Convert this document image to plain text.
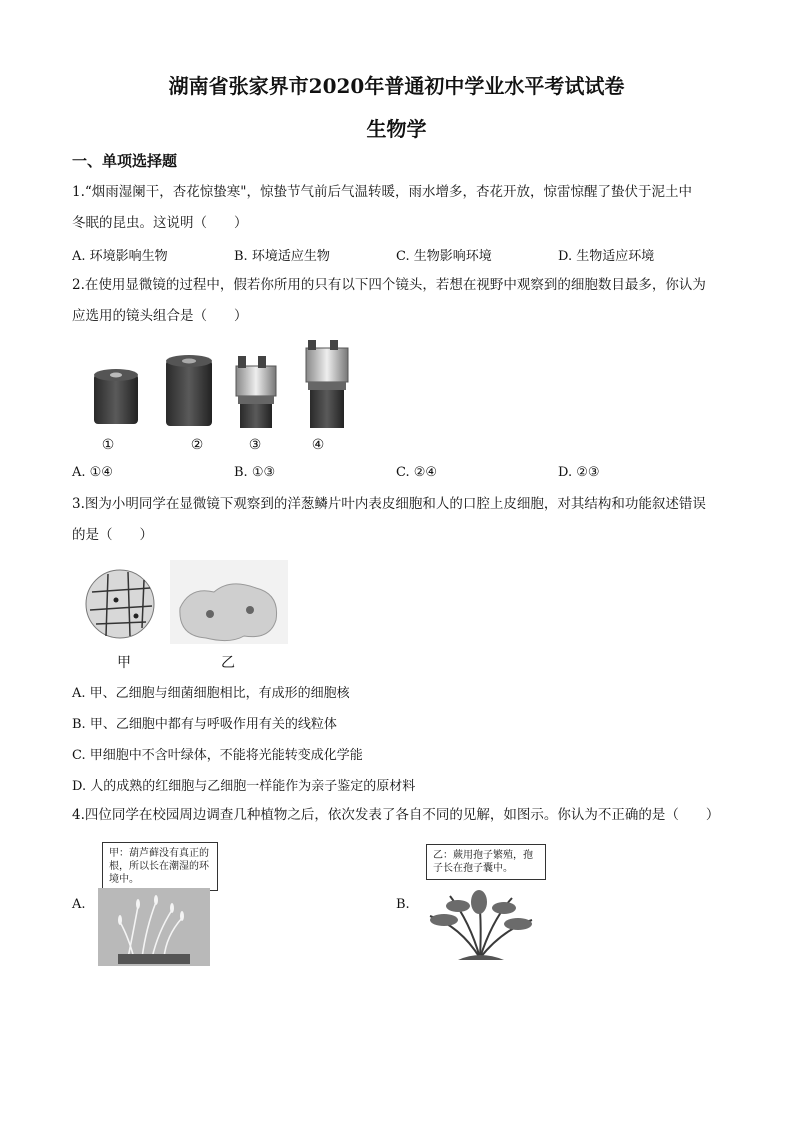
湖南省张家界市2020年普通初中学业水平考试试卷
生物学
一、单项选择题
1.“烟雨湿阑干，杏花惊蛰寒"，惊蛰节气前后气温转暖，雨水增多，杏花开放，惊雷惊醒了蛰伏于泥土中
冬眠的昆虫。这说明（　　）
A. 环境影响生物	B. 环境适应生物	C. 生物影响环境	D. 生物适应环境
2.在使用显微镜的过程中，假若你所用的只有以下四个镜头，若想在视野中观察到的细胞数目最多，你认为
应选用的镜头组合是（　　）
①	②	③	④
A. ①④	B. ①③	C. ②④	D. ②③
3.图为小明同学在显微镜下观察到的洋葱鳞片叶内表皮细胞和人的口腔上皮细胞，对其结构和功能叙述错误
的是（　　）
甲	乙
A. 甲、乙细胞与细菌细胞相比，有成形的细胞核
B. 甲、乙细胞中都有与呼吸作用有关的线粒体
C. 甲细胞中不含叶绿体，不能将光能转变成化学能
D. 人的成熟的红细胞与乙细胞一样能作为亲子鉴定的原材料
4.四位同学在校园周边调查几种植物之后，依次发表了各自不同的见解，如图示。你认为不正确的是（　　）
A.
甲：葫芦藓没有真正的根，所以长在潮湿的环境中。
B.
乙：蕨用孢子繁殖，孢子长在孢子囊中。
